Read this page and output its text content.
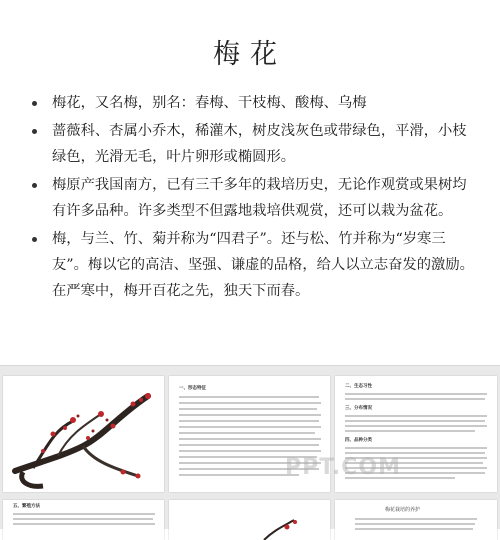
梅花
梅花，又名梅，别名：春梅、干枝梅、酸梅、乌梅
蔷薇科、杏属小乔木，稀灌木，树皮浅灰色或带绿色，平滑，小枝绿色，光滑无毛，叶片卵形或椭圆形。
梅原产我国南方，已有三千多年的栽培历史，无论作观赏或果树均有许多品种。许多类型不但露地栽培供观赏，还可以栽为盆花。
梅，与兰、竹、菊并称为“四君子”。还与松、竹并称为“岁寒三友”。梅以它的高洁、坚强、谦虚的品格，给人以立志奋发的激励。在严寒中，梅开百花之先，独天下而春。
一、形态特征	二、生态习性
三、分布情况
四、品种分类
PPT.COM
五、繁殖方法
梅花栽培的养护
